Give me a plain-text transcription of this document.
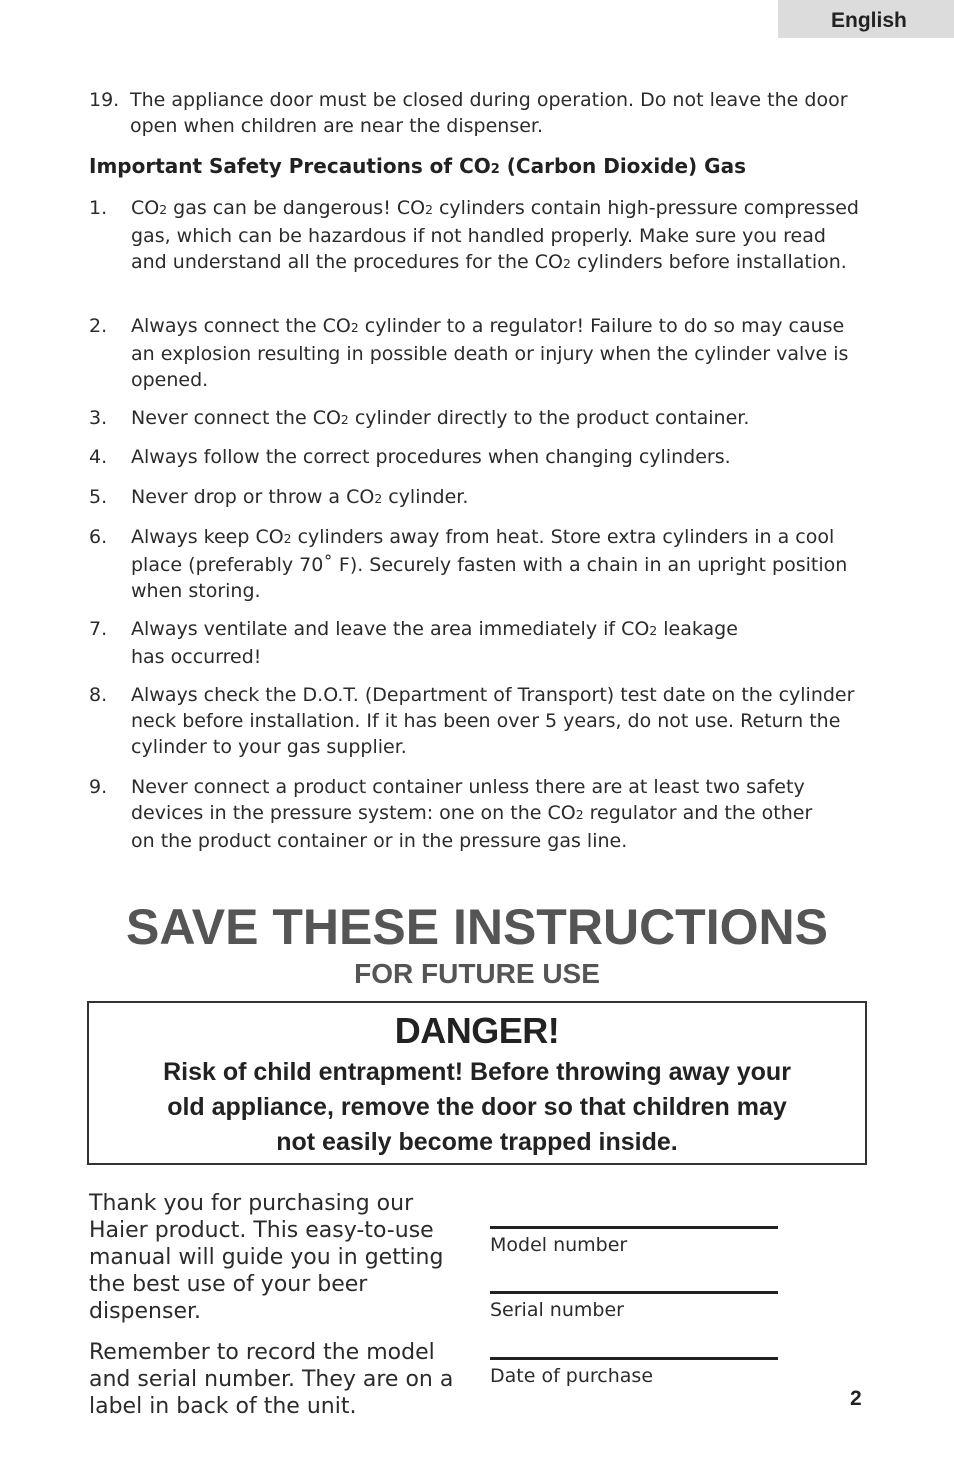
English
19. The appliance door must be closed during operation. Do not leave the door open when children are near the dispenser.
Important Safety Precautions of CO2 (Carbon Dioxide) Gas
1. CO2 gas can be dangerous! CO2 cylinders contain high-pressure compressed gas, which can be hazardous if not handled properly. Make sure you read and understand all the procedures for the CO2 cylinders before installation.
2. Always connect the CO2 cylinder to a regulator! Failure to do so may cause an explosion resulting in possible death or injury when the cylinder valve is opened.
3. Never connect the CO2 cylinder directly to the product container.
4. Always follow the correct procedures when changing cylinders.
5. Never drop or throw a CO2 cylinder.
6. Always keep CO2 cylinders away from heat. Store extra cylinders in a cool place (preferably 70˚ F). Securely fasten with a chain in an upright position when storing.
7. Always ventilate and leave the area immediately if CO2 leakage has occurred!
8. Always check the D.O.T. (Department of Transport) test date on the cylinder neck before installation. If it has been over 5 years, do not use. Return the cylinder to your gas supplier.
9. Never connect a product container unless there are at least two safety devices in the pressure system: one on the CO2 regulator and the other on the product container or in the pressure gas line.
SAVE THESE INSTRUCTIONS
FOR FUTURE USE
DANGER!
Risk of child entrapment! Before throwing away your old appliance, remove the door so that children may not easily become trapped inside.

Thank you for purchasing our Haier product. This easy-to-use manual will guide you in getting the best use of your beer dispenser.

Remember to record the model and serial number. They are on a label in back of the unit.

Model number
Serial number
Date of purchase
2
